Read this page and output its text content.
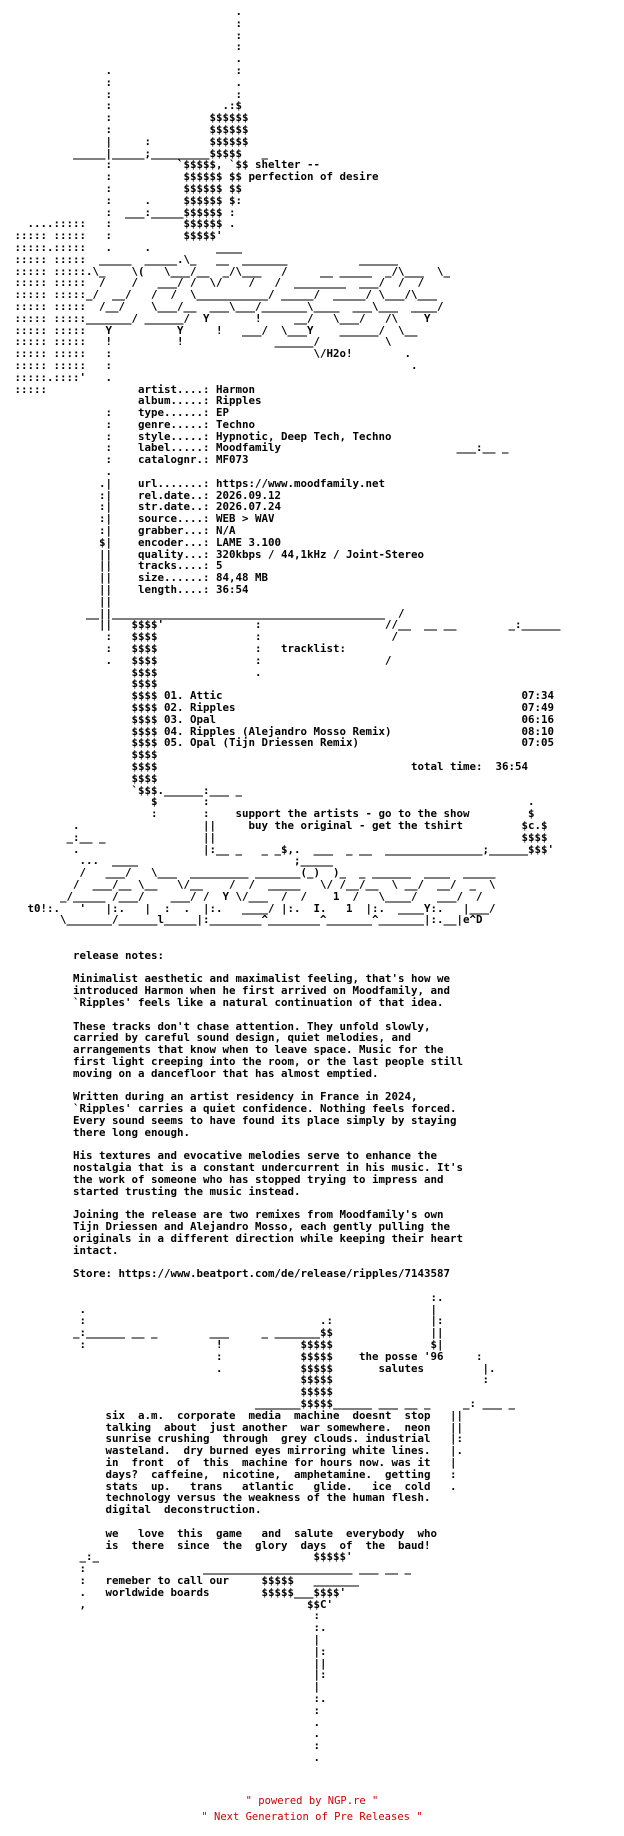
.
:
:
:
.
.                   :
:                   .
:                   :
:                 .:$
:               $$$$$$
:               $$$$$$
|     :         $$$$$$
_____|_____;_________$$$$$   _
:          `$$$$$, `$$ shelter --
:           $$$$$$ $$ perfection of desire
:           $$$$$$ $$
:     .     $$$$$$ $:
:  ___:_____$$$$$$ :
....:::::   :           $$$$$$ .
::::: :::::   :           $$$$$'
:::::.:::::   .     .          ____
::::: :::::  _____  _____.\_   __  _______           ______
::::: :::::.\_    \(   \___/__  _/\___   /     __ _____  _/\___  \_
::::: :::::  /    /   ___/ /  \/    /   /  ________  ___/  /  /
::::: :::::_/  __/   /  /  \___________/ _____/  _____/ \___/\___
::::: :::::  /__/    \___/__  ___\___/_______\____  ___\___  ____/
::::: :::::_______/ ______/  Y       !     __/   \___/   /\    Y
::::: :::::   Y          Y     !   ___/  \___Y    ______/  \__
::::: :::::   !          !              ______/          \
::::: :::::   :                               \/H2o!        .
::::: :::::   :                                              .
:::::.::::'   .
:::::              artist....: Harmon
album.....: Ripples
:    type......: EP
:    genre.....: Techno
:    style.....: Hypnotic, Deep Tech, Techno
:    label.....: Moodfamily                           ___:__ _
:    catalognr.: MF073
.
.|    url.......: https://www.moodfamily.net
:|    rel.date..: 2026.09.12
:|    str.date..: 2026.07.24
:|    source....: WEB > WAV
:|    grabber...: N/A
$|    encoder...: LAME 3.100
||    quality...: 320kbps / 44,1kHz / Joint-Stereo
||    tracks....: 5
||    size......: 84,48 MB
||    length....: 36:54
||
__||__________________________________________  /
||   $$$$'              :                   //__  __ __        _:______
:   $$$$               :                    /
:   $$$$               :   tracklist:
.   $$$$               :                   /
$$$$               .
$$$$
$$$$ 01. Attic                                              07:34
$$$$ 02. Ripples                                            07:49
$$$$ 03. Opal                                               06:16
$$$$ 04. Ripples (Alejandro Mosso Remix)                    08:10
$$$$ 05. Opal (Tijn Driessen Remix)                         07:05
$$$$
$$$$                                       total time:  36:54
$$$$
`$$$.______:___ _
$       :                                                 .
:       :    support the artists - go to the show         $
.                   ||     buy the original - get the tshirt         $c.$
_:__ _               ||                                               $$$$
.                   |:__ _   _ _$,.  ___  _ __  _______________;______$$$'
...  ____                        ;_____
/   ___/   \___  _________ _______(_)  )_  _ ______  ____  _____
/  ___/__ \__   \/__    /  /  _____   \/ /__/__  \ __/  __/  _  \
_/_____ /___/    ___/ /  Y \/___  /  /    1  /   \____/   ___/  /
t0!:.   '   |:.   |  :  .  |:.   ____/ |:.  I.   1  |:.  ____Y:.   |___/
\_______/______l_____|:________^________^_______^_______|:.__|e^D

release notes:

Minimalist aesthetic and maximalist feeling, that's how we
introduced Harmon when he first arrived on Moodfamily, and
`Ripples' feels like a natural continuation of that idea.

These tracks don't chase attention. They unfold slowly,
carried by careful sound design, quiet melodies, and
arrangements that know when to leave space. Music for the
first light creeping into the room, or the last people still
moving on a dancefloor that has almost emptied.

Written during an artist residency in France in 2024,
`Ripples' carries a quiet confidence. Nothing feels forced.
Every sound seems to have found its place simply by staying
there long enough.

His textures and evocative melodies serve to enhance the
nostalgia that is a constant undercurrent in his music. It's
the work of someone who has stopped trying to impress and
started trusting the music instead.

Joining the release are two remixes from Moodfamily's own
Tijn Driessen and Alejandro Mosso, each gently pulling the
originals in a different direction while keeping their heart
intact.

Store: https://www.beatport.com/de/release/ripples/7143587

:.
.                                                     |
:                                    .:               |:
_:______ __ _        ___     _ _______$$               ||
:                    !            $$$$$               $|
:            $$$$$    the posse '96     :
.            $$$$$       salutes         |.
$$$$$                       :
$$$$$
_______$$$$$______ ___ __ _     _: ___ _
six  a.m.  corporate  media  machine  doesnt  stop   ||
talking  about  just another  war somewhere.  neon   ||
sunrise crushing  through  grey clouds. industrial   |:
wasteland.  dry burned eyes mirroring white lines.   |.
in  front  of  this  machine for hours now. was it   |
days?  caffeine,  nicotine,  amphetamine.  getting   :
stats  up.   trans   atlantic   glide.   ice  cold   .
technology versus the weakness of the human flesh.
digital  deconstruction.

we   love  this  game   and  salute  everybody  who
is  there  since  the  glory  days  of  the  baud!
_:_                                 $$$$$'
:                  _______________________ ___ __ _
:   remeber to call our     $$$$$   _______
.   worldwide boards        $$$$$___$$$$'
,                                  $$C'
:
:.
|
|:
||
|:
|
:.
:
.
.
:
.
" powered by NGP.re "
" Next Generation of Pre Releases "
